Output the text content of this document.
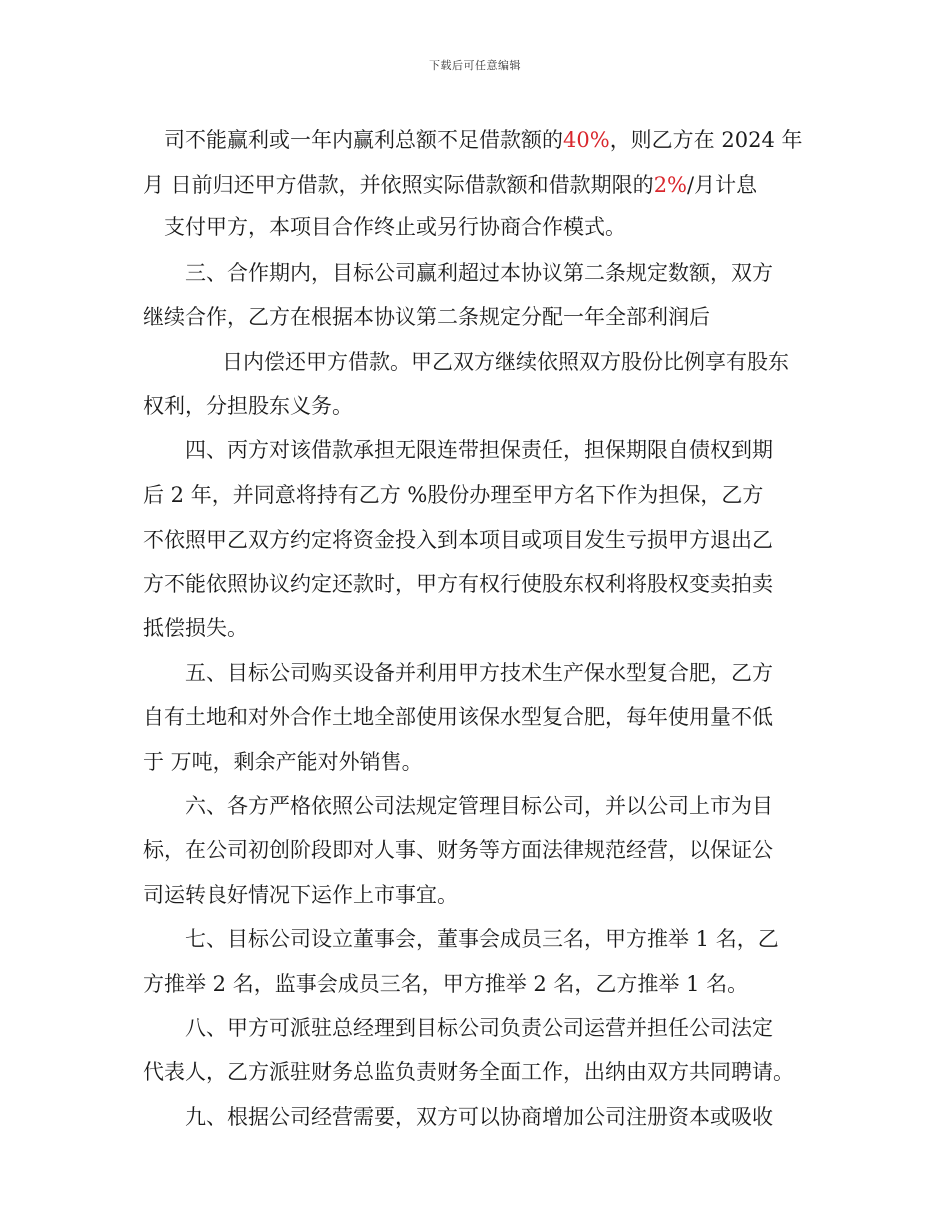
下载后可任意编辑
司不能赢利或一年内赢利总额不足借款额的40%，则乙方在 2024 年
月 日前归还甲方借款，并依照实际借款额和借款期限的2%/月计息
支付甲方，本项目合作终止或另行协商合作模式。
三、合作期内，目标公司赢利超过本协议第二条规定数额，双方
继续合作，乙方在根据本协议第二条规定分配一年全部利润后
日内偿还甲方借款。甲乙双方继续依照双方股份比例享有股东
权利，分担股东义务。
四、丙方对该借款承担无限连带担保责任，担保期限自债权到期
后 2 年，并同意将持有乙方 %股份办理至甲方名下作为担保，乙方
不依照甲乙双方约定将资金投入到本项目或项目发生亏损甲方退出乙
方不能依照协议约定还款时，甲方有权行使股东权利将股权变卖拍卖
抵偿损失。
五、目标公司购买设备并利用甲方技术生产保水型复合肥，乙方
自有土地和对外合作土地全部使用该保水型复合肥，每年使用量不低
于 万吨，剩余产能对外销售。
六、各方严格依照公司法规定管理目标公司，并以公司上市为目
标，在公司初创阶段即对人事、财务等方面法律规范经营，以保证公
司运转良好情况下运作上市事宜。
七、目标公司设立董事会，董事会成员三名，甲方推举 1 名，乙
方推举 2 名，监事会成员三名，甲方推举 2 名，乙方推举 1 名。
八、甲方可派驻总经理到目标公司负责公司运营并担任公司法定
代表人，乙方派驻财务总监负责财务全面工作，出纳由双方共同聘请。
九、根据公司经营需要，双方可以协商增加公司注册资本或吸收
